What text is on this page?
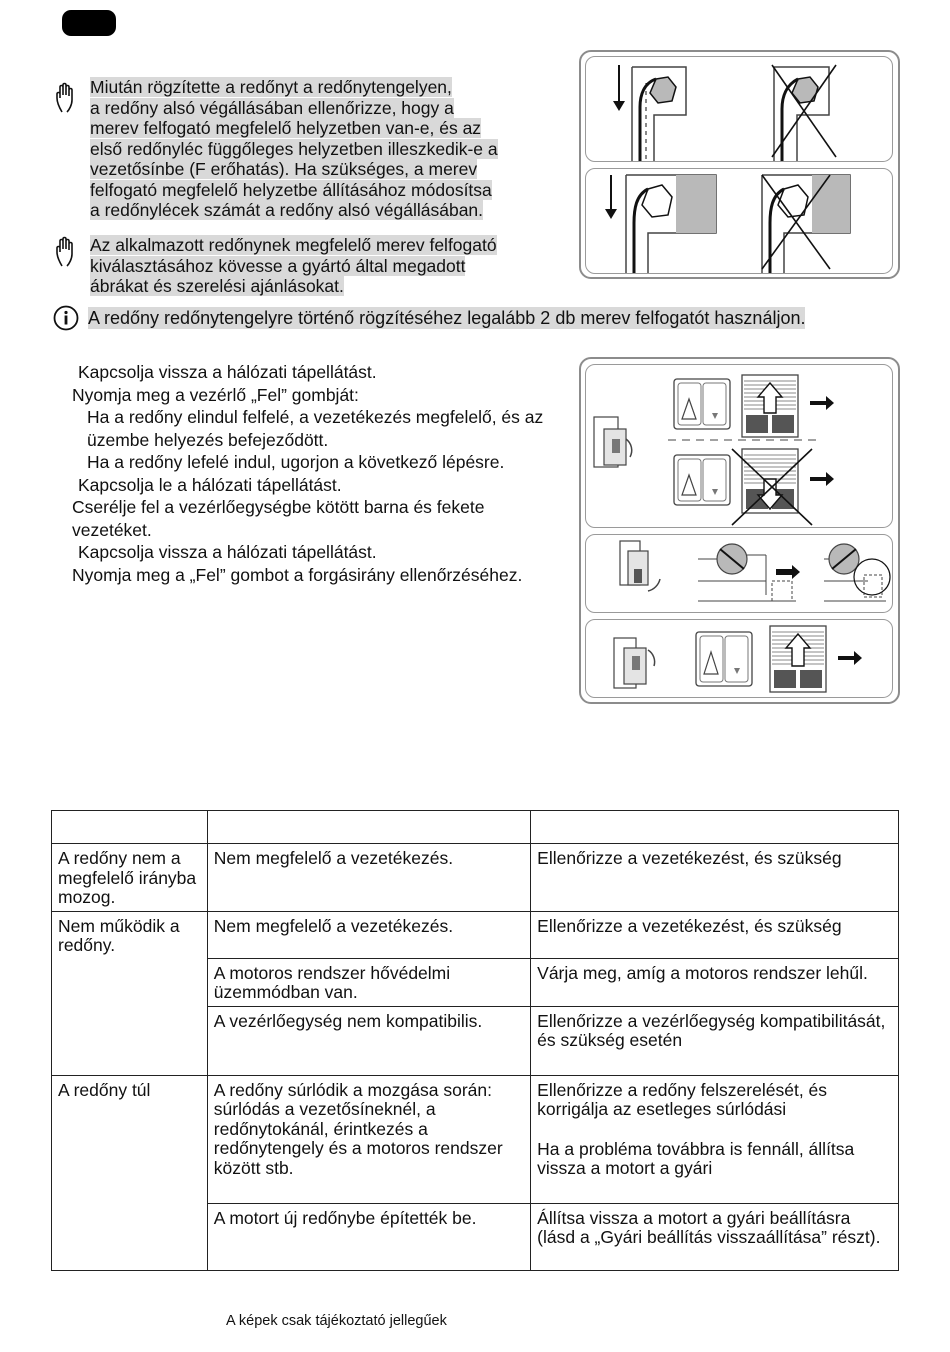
Miután rögzítette a redőnyt a redőnytengelyen,
a redőny alsó végállásában ellenőrizze, hogy a
merev felfogató megfelelő helyzetben van-e, és az
első redőnyléc függőleges helyzetben illeszkedik-e a
vezetősínbe (F erőhatás). Ha szükséges, a merev
felfogató megfelelő helyzetbe állításához módosítsa
a redőnylécek számát a redőny alsó végállásában.
Az alkalmazott redőnynek megfelelő merev felfogató
kiválasztásához kövesse a gyártó által megadott
ábrákat és szerelési ajánlásokat.
A redőny redőnytengelyre történő rögzítéséhez legalább 2 db merev felfogatót használjon.
Kapcsolja vissza a hálózati tápellátást.
Nyomja meg a vezérlő „Fel” gombját:
Ha a redőny elindul felfelé, a vezetékezés megfelelő, és az üzembe helyezés befejeződött.
Ha a redőny lefelé indul, ugorjon a következő lépésre.
Kapcsolja le a hálózati tápellátást.
Cserélje fel a vezérlőegységbe kötött barna és fekete vezetéket.
Kapcsolja vissza a hálózati tápellátást.
Nyomja meg a „Fel” gombot a forgásirány ellenőrzéséhez.

A redőny nem a megfelelő irányba mozog.	Nem megfelelő a vezetékezés.	Ellenőrizze a vezetékezést, és szükség
Nem működik a redőny.	Nem megfelelő a vezetékezés.	Ellenőrizze a vezetékezést, és szükség
	A motoros rendszer hővédelmi üzemmódban van.	Várja meg, amíg a motoros rendszer lehűl.
	A vezérlőegység nem kompatibilis.	Ellenőrizze a vezérlőegység kompatibilitását, és szükség esetén
A redőny túl	A redőny súrlódik a mozgása során: súrlódás a vezetősíneknél, a redőnytokánál, érintkezés a redőnytengely és a motoros rendszer között stb.	Ellenőrizze a redőny felszerelését, és korrigálja az esetleges súrlódási
Ha a probléma továbbra is fennáll, állítsa vissza a motort a gyári

	A motort új redőnybe építették be.	Állítsa vissza a motort a gyári beállításra (lásd a „Gyári beállítás visszaállítása” részt).
A képek csak tájékoztató jellegűek
